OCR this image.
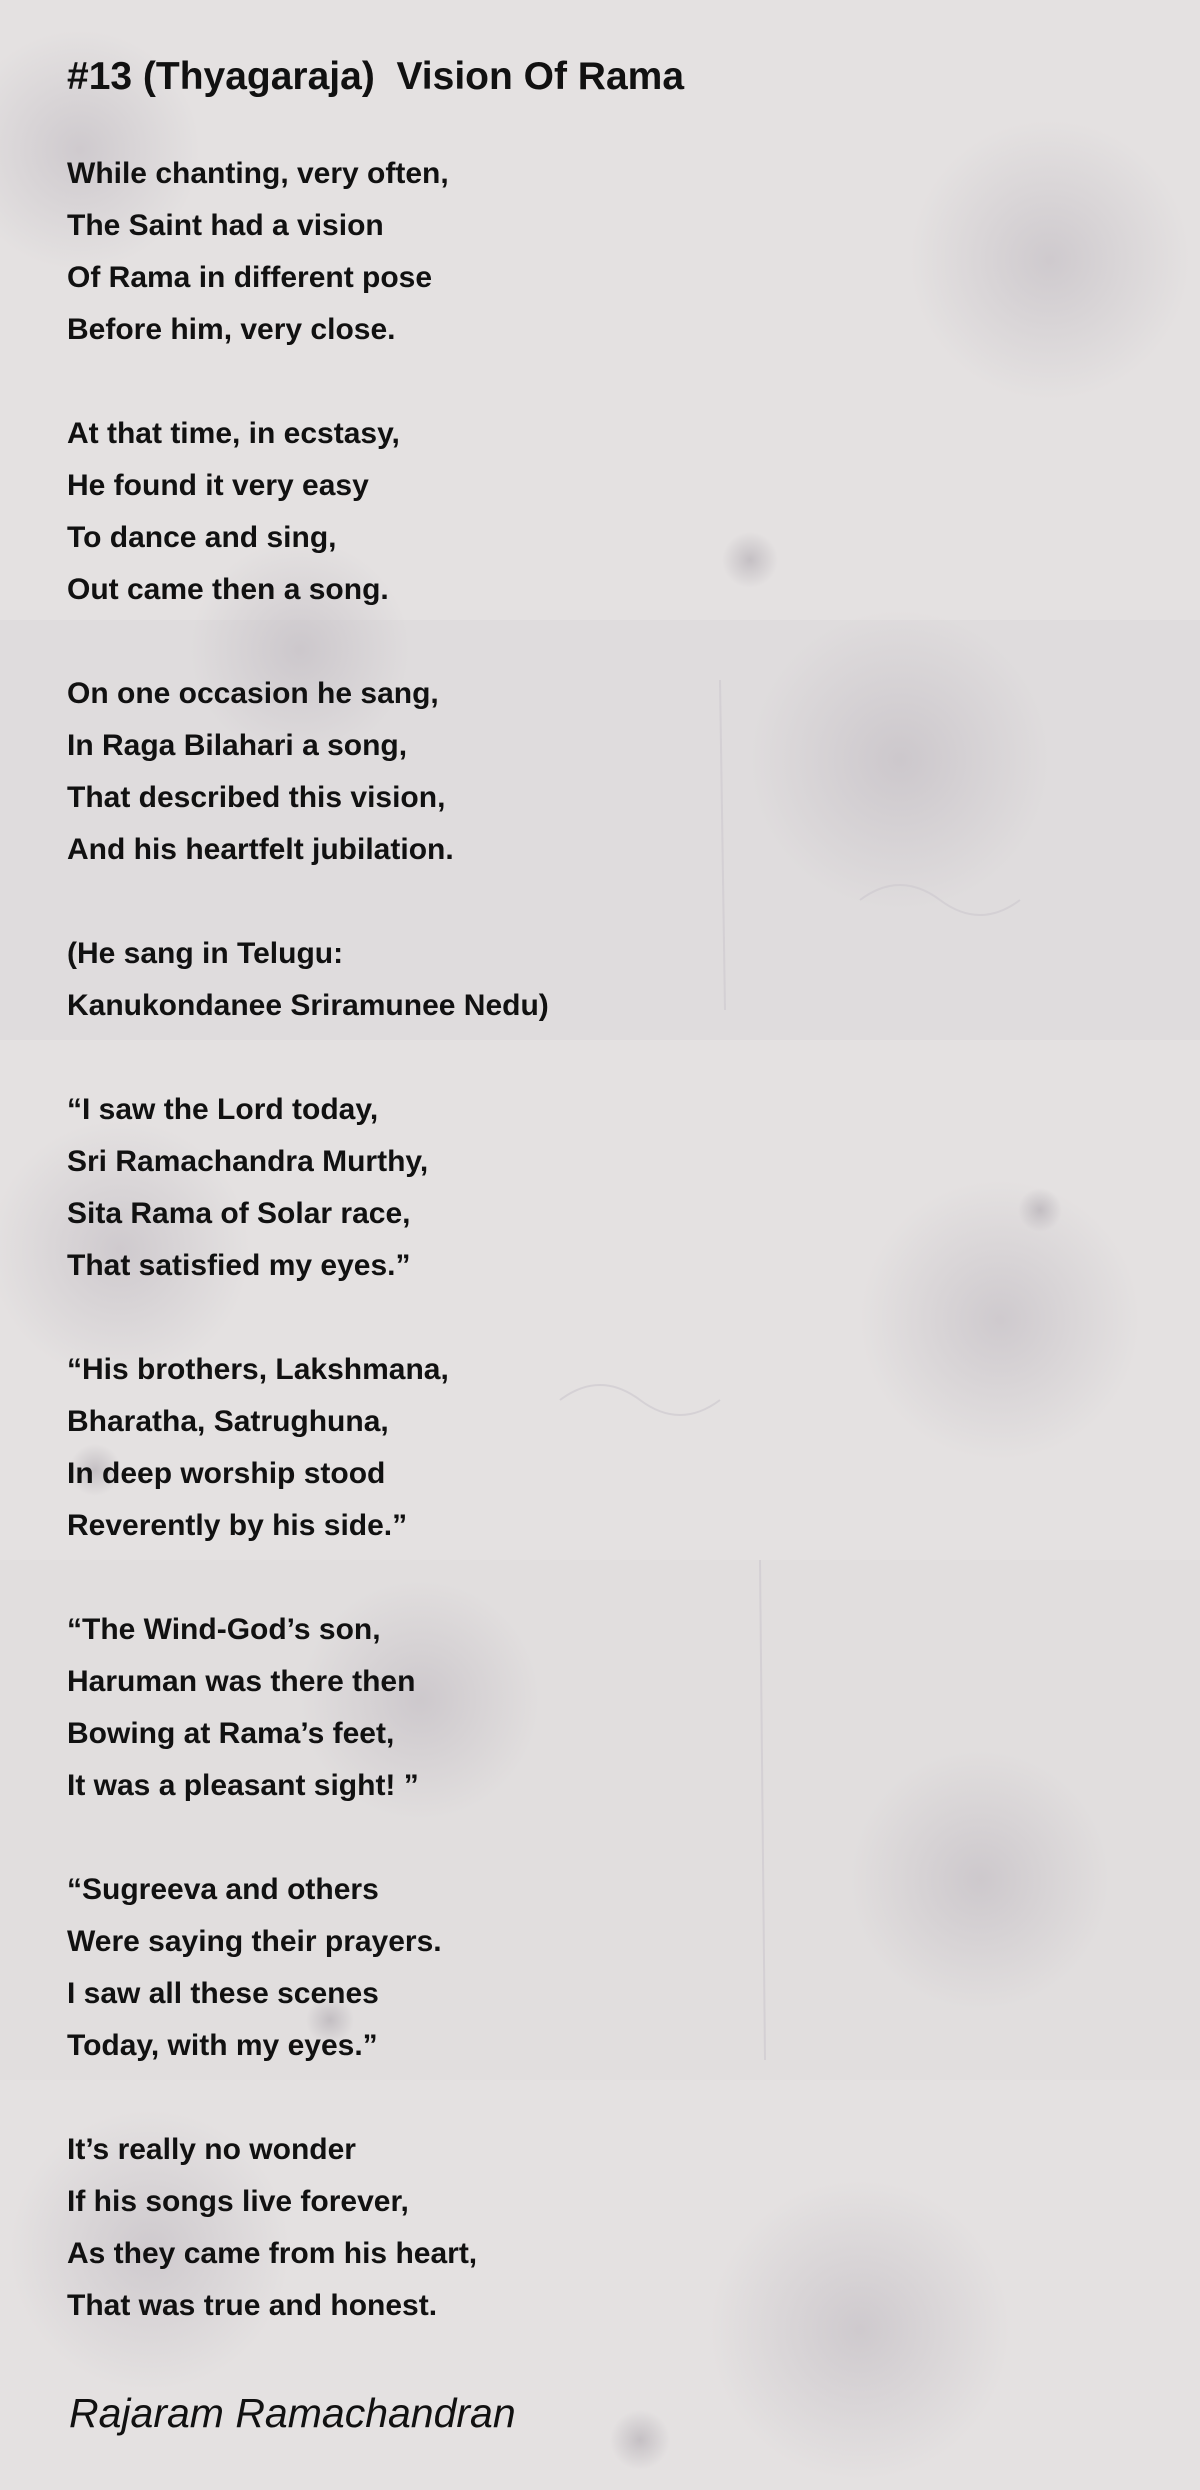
#13 (Thyagaraja)  Vision Of Rama
While chanting, very often,
The Saint had a vision
Of Rama in different pose
Before him, very close.
At that time, in ecstasy,
He found it very easy
To dance and sing,
Out came then a song.
On one occasion he sang,
In Raga Bilahari a song,
That described this vision,
And his heartfelt jubilation.
(He sang in Telugu:
Kanukondanee Sriramunee Nedu)
“I saw the Lord today,
Sri Ramachandra Murthy,
Sita Rama of Solar race,
That satisfied my eyes.”
“His brothers, Lakshmana,
Bharatha, Satrughuna,
In deep worship stood
Reverently by his side.”
“The Wind-God’s son,
Haruman was there then
Bowing at Rama’s feet,
It was a pleasant sight! ”
“Sugreeva and others
Were saying their prayers.
I saw all these scenes
Today, with my eyes.”
It’s really no wonder
If his songs live forever,
As they came from his heart,
That was true and honest.
Rajaram Ramachandran
